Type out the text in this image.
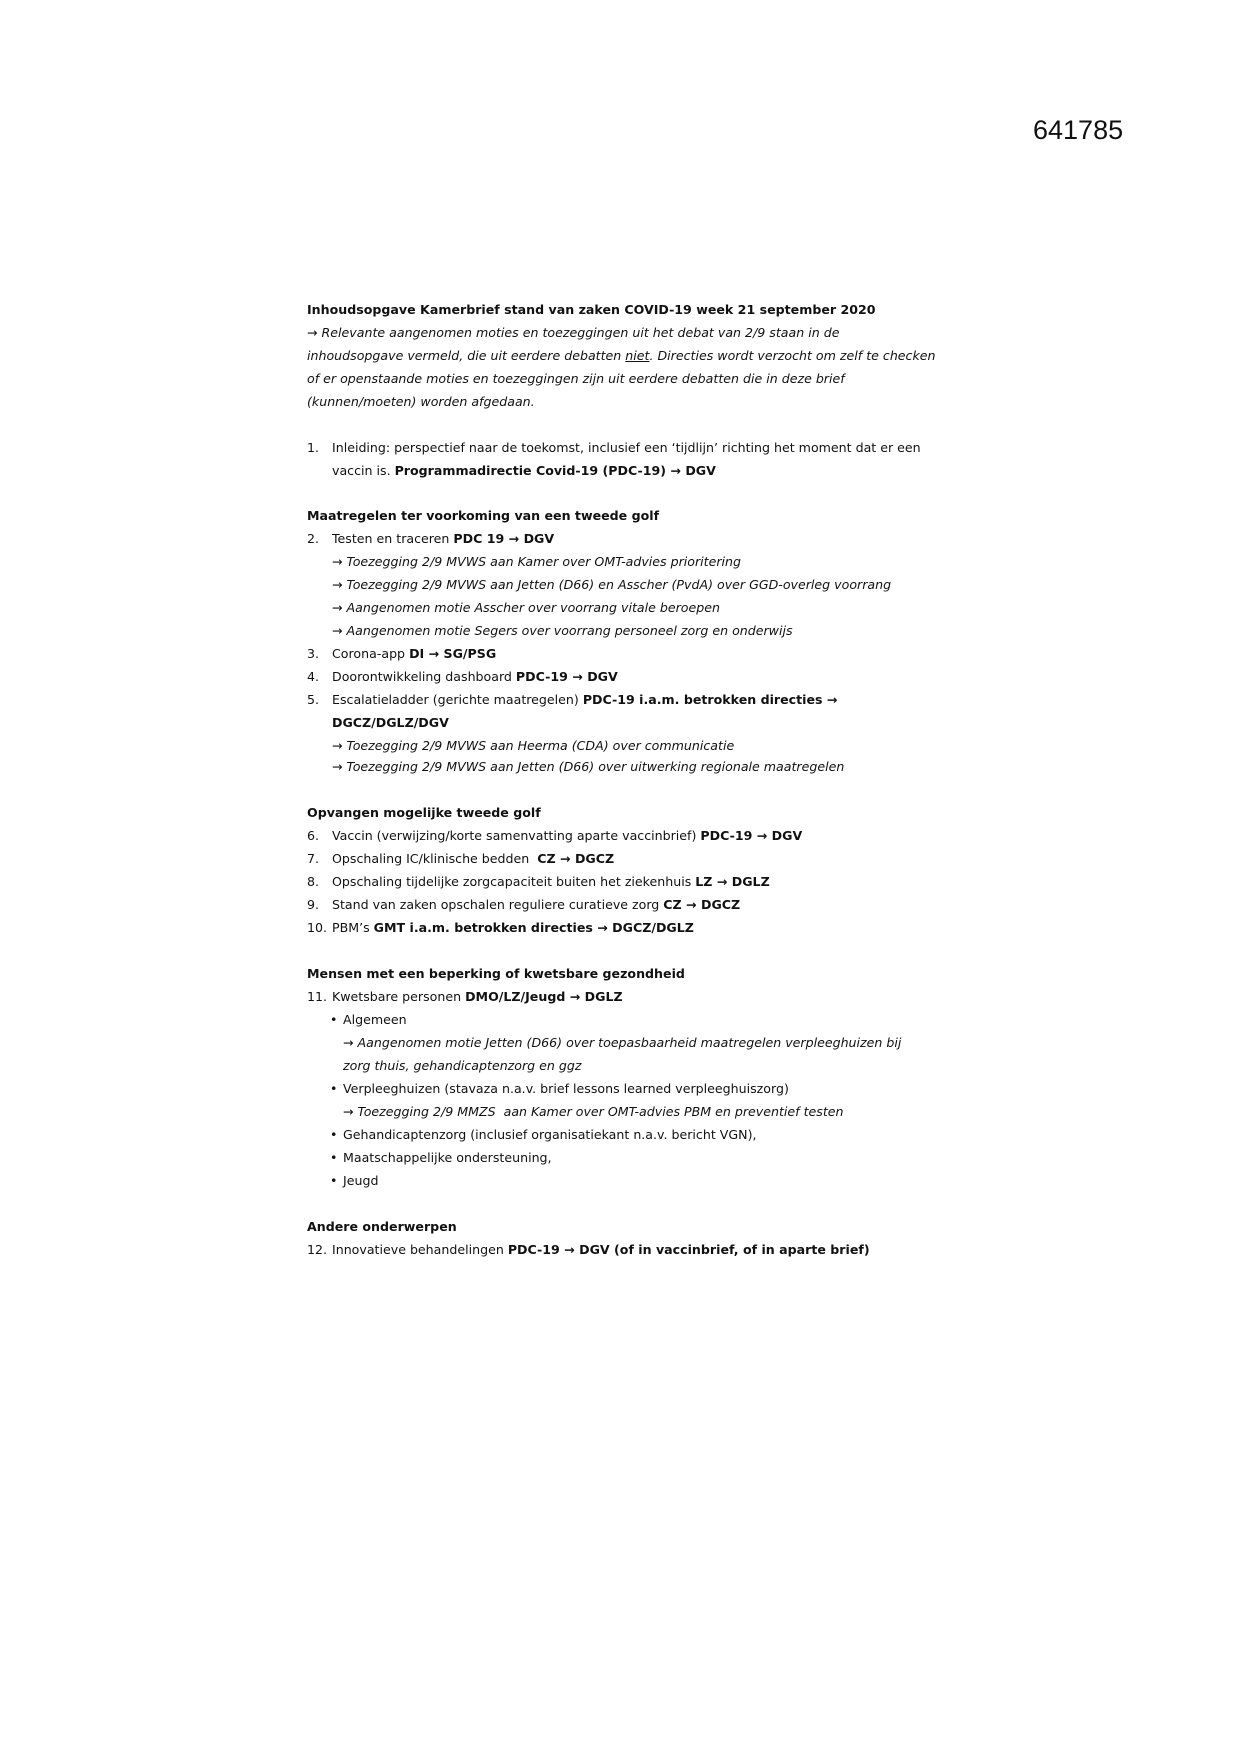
641785
Inhoudsopgave Kamerbrief stand van zaken COVID-19 week 21 september 2020
→ Relevante aangenomen moties en toezeggingen uit het debat van 2/9 staan in de
inhoudsopgave vermeld, die uit eerdere debatten niet. Directies wordt verzocht om zelf te checken
of er openstaande moties en toezeggingen zijn uit eerdere debatten die in deze brief
(kunnen/moeten) worden afgedaan.
1. Inleiding: perspectief naar de toekomst, inclusief een ‘tijdlijn’ richting het moment dat er een
vaccin is. Programmadirectie Covid-19 (PDC-19) → DGV
Maatregelen ter voorkoming van een tweede golf
2. Testen en traceren PDC 19 → DGV
→ Toezegging 2/9 MVWS aan Kamer over OMT-advies prioritering
→ Toezegging 2/9 MVWS aan Jetten (D66) en Asscher (PvdA) over GGD-overleg voorrang
→ Aangenomen motie Asscher over voorrang vitale beroepen
→ Aangenomen motie Segers over voorrang personeel zorg en onderwijs
3. Corona-app DI → SG/PSG
4. Doorontwikkeling dashboard PDC-19 → DGV
5. Escalatieladder (gerichte maatregelen) PDC-19 i.a.m. betrokken directies →
DGCZ/DGLZ/DGV
→ Toezegging 2/9 MVWS aan Heerma (CDA) over communicatie
→ Toezegging 2/9 MVWS aan Jetten (D66) over uitwerking regionale maatregelen
Opvangen mogelijke tweede golf
6. Vaccin (verwijzing/korte samenvatting aparte vaccinbrief) PDC-19 → DGV
7. Opschaling IC/klinische bedden  CZ → DGCZ
8. Opschaling tijdelijke zorgcapaciteit buiten het ziekenhuis LZ → DGLZ
9. Stand van zaken opschalen reguliere curatieve zorg CZ → DGCZ
10. PBM’s GMT i.a.m. betrokken directies → DGCZ/DGLZ
Mensen met een beperking of kwetsbare gezondheid
11. Kwetsbare personen DMO/LZ/Jeugd → DGLZ
• Algemeen
→ Aangenomen motie Jetten (D66) over toepasbaarheid maatregelen verpleeghuizen bij
zorg thuis, gehandicaptenzorg en ggz
• Verpleeghuizen (stavaza n.a.v. brief lessons learned verpleeghuiszorg)
→ Toezegging 2/9 MMZS  aan Kamer over OMT-advies PBM en preventief testen
• Gehandicaptenzorg (inclusief organisatiekant n.a.v. bericht VGN),
• Maatschappelijke ondersteuning,
• Jeugd
Andere onderwerpen
12. Innovatieve behandelingen PDC-19 → DGV (of in vaccinbrief, of in aparte brief)
